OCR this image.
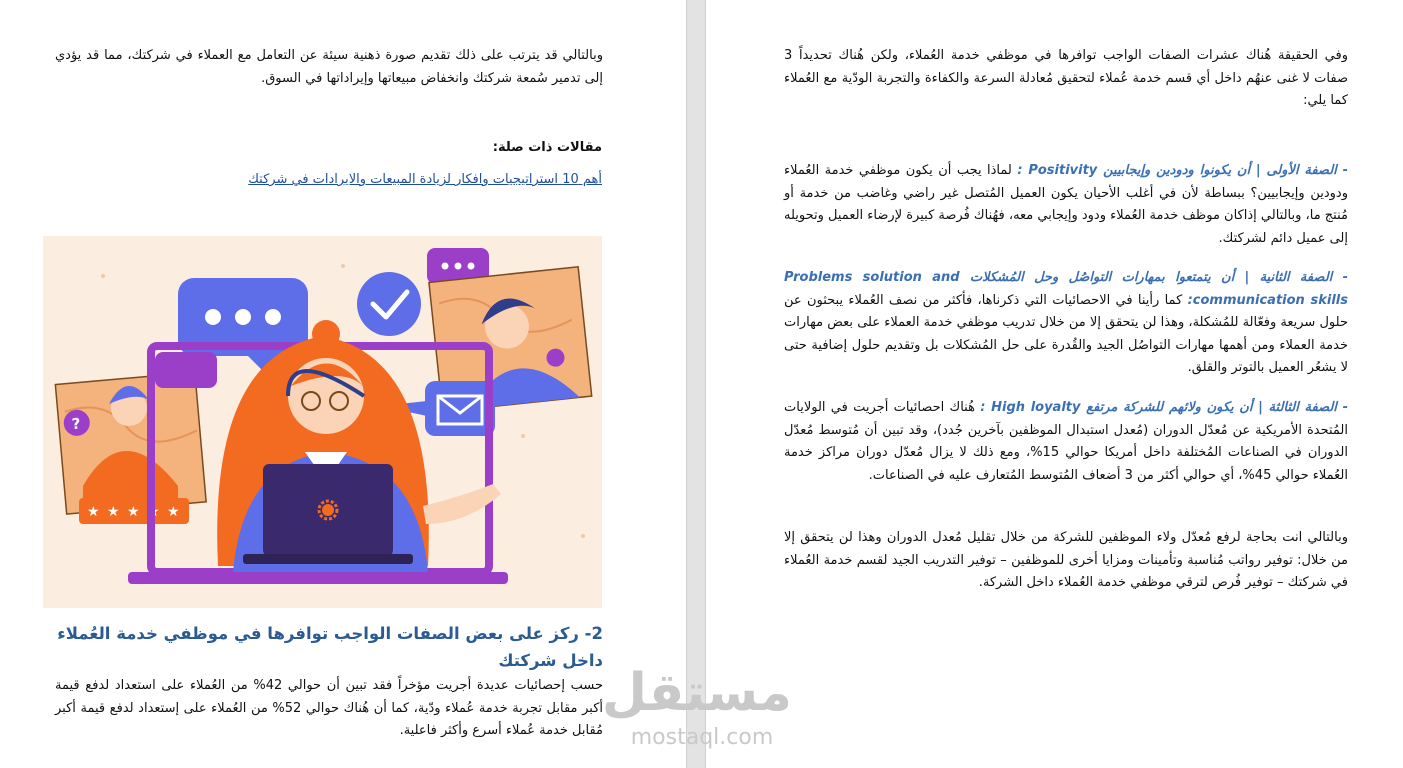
وبالتالي قد يترتب على ذلك تقديم صورة ذهنية سيئة عن التعامل مع العملاء في شركتك، مما قد يؤدي إلى تدمير سُمعة شركتك وانخفاض مبيعاتها وإيراداتها في السوق.
مقالات ذات صلة:
أهم 10 استراتيجيات وافكار لزيادة المبيعات والايرادات في شركتك
?
★ ★ ★ ★ ★
2- ركز على بعض الصفات الواجب توافرها في موظفي خدمة العُملاء داخل شركتك
حسب إحصائيات عديدة أجريت مؤخراً فقد تبين أن حوالي 42% من العُملاء على استعداد لدفع قيمة أكبر مقابل تجربة خدمة عُملاء ودّية، كما أن هُناك حوالي 52% من العُملاء على إستعداد لدفع قيمة أكبر مُقابل خدمة عُملاء أسرع وأكثر فاعلية.
وفي الحقيقة هُناك عشرات الصفات الواجب توافرها في موظفي خدمة العُملاء، ولكن هُناك تحديداً 3 صفات لا غنى عنهُم داخل أي قسم خدمة عُملاء لتحقيق مُعادلة السرعة والكفاءة والتجربة الودّية مع العُملاء كما يلي:
- الصفة الأولى | أن يكونوا ودودين وإيجابيين Positivity : لماذا يجب أن يكون موظفي خدمة العُملاء ودودين وإيجابيين؟ ببساطة لأن في أغلب الأحيان يكون العميل المُتصل غير راضي وغاضب من خدمة أو مُنتج ما، وبالتالي إذاكان موظف خدمة العُملاء ودود وإيجابي معه، فهُناك فُرصة كبيرة لإرضاء العميل وتحويله إلى عميل دائم لشركتك.
- الصفة الثانية | أن يتمتعوا بمهارات التواصُل وحل المُشكلات Problems solution and communication skills: كما رأينا في الاحصائيات التي ذكرناها، فأكثر من نصف العُملاء يبحثون عن حلول سريعة وفعّالة للمُشكلة، وهذا لن يتحقق إلا من خلال تدريب موظفي خدمة العملاء على بعض مهارات خدمة العملاء ومن أهمها مهارات التواصُل الجيد والقُدرة على حل المُشكلات بل وتقديم حلول إضافية حتى لا يشعُر العميل بالتوتر والقلق.
- الصفة الثالثة | أن يكون ولائهم للشركة مرتفع High loyalty : هُناك احصائيات أجريت في الولايات المُتحدة الأمريكية عن مُعدّل الدوران (مُعدل استبدال الموظفين بآخرين جُدد)، وقد تبين أن مُتوسط مُعدّل الدوران في الصناعات المُختلفة داخل أمريكا حوالي 15%، ومع ذلك لا يزال مُعدّل دوران مراكز خدمة العُملاء حوالي 45%، أي حوالي أكثر من 3 أضعاف المُتوسط المُتعارف عليه في الصناعات.
وبالتالي انت بحاجة لرفع مُعدّل ولاء الموظفين للشركة من خلال تقليل مُعدل الدوران وهذا لن يتحقق إلا من خلال: توفير رواتب مُناسبة وتأمينات ومزايا أخرى للموظفين – توفير التدريب الجيد لقسم خدمة العُملاء في شركتك – توفير فُرص لترقي موظفي خدمة العُملاء داخل الشركة.
مستقل
mostaql.com
